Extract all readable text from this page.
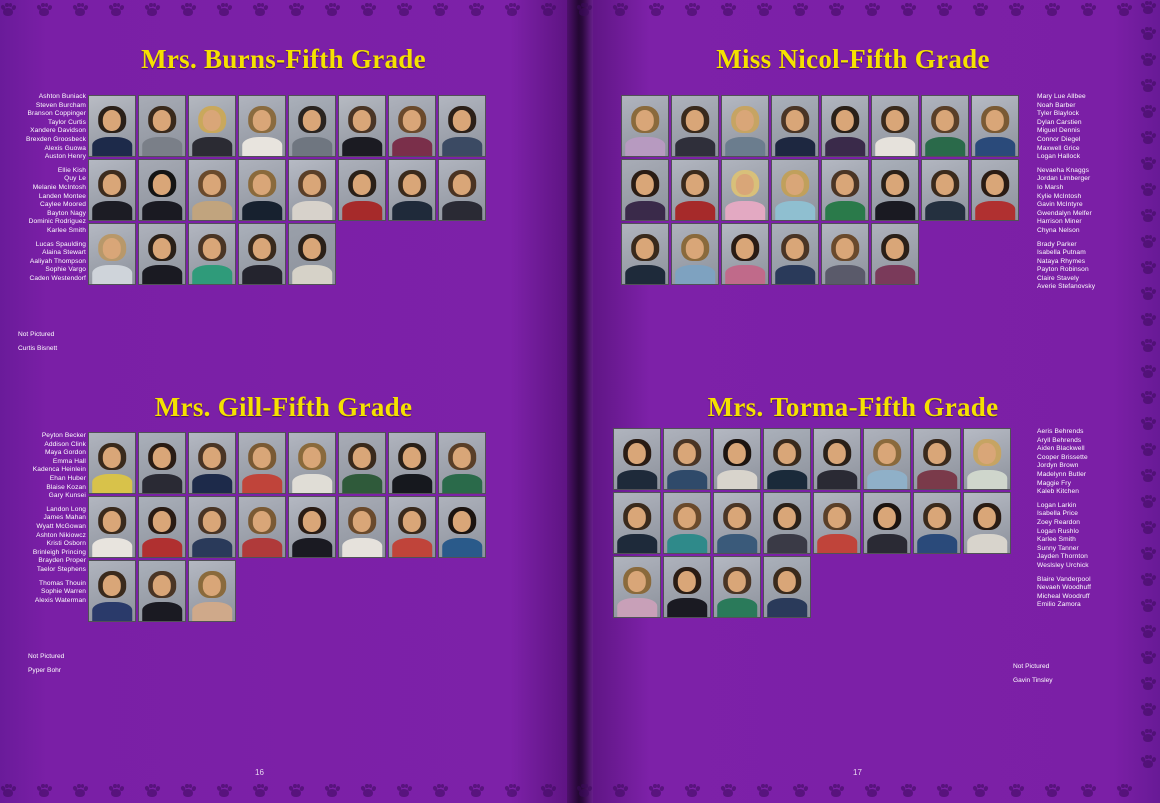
Mrs. Burns-Fifth Grade
Ashton Buniack
Steven Burcham
Branson Coppinger
Taylor Curtis
Xandere Davidson
Brexden Groosbeck
Alexis Guowa
Auston Henry
Ellie Kish
Quy Le
Melanie McIntosh
Landen Montee
Caylee Moored
Bayton Nagy
Dominic Rodriguez
Karlee Smith
Lucas Spaulding
Alaina Stewart
Aaliyah Thompson
Sophie Vargo
Caden Westendorf
Not Pictured
Curtis Bisnett
Miss Nicol-Fifth Grade
Mary Lue Allbee
Noah Barber
Tyler Blaylock
Dylan Carstien
Miguel Dennis
Connor Diegel
Maxwell Grice
Logan Hallock
Nevaeha Knaggs
Jordan Limberger
Io Marsh
Kylie McIntosh
Gavin McIntyre
Gwendalyn Melfer
Harrison Miner
Chyna Nelson
Brady Parker
Isabella Putnam
Nataya Rhymes
Payton Robinson
Claire Stavely
Averie Stefanovsky
Mrs. Gill-Fifth Grade
Peyton Becker
Addison Clink
Maya Gordon
Emma Hall
Kadenca Heinlein
Ehan Huber
Blaise Kozan
Gary Kunsei
Landon Long
James Mahan
Wyatt McGowan
Ashton Nikiowcz
Kristi Osborn
Brinleigh Princing
Brayden Proper
Taelor Stephens
Thomas Thouin
Sophie Warren
Alexis Waterman
Not Pictured
Pyper Bohr
Mrs. Torma-Fifth Grade
Aeris Behrends
Aryll Behrends
Aiden Blackwell
Cooper Brissette
Jordyn Brown
Madelynn Butler
Maggie Fry
Kaleb Kitchen
Logan Larkin
Isabella Price
Zoey Reardon
Logan Rushlo
Karlee Smith
Sunny Tanner
Jayden Thornton
Weslsley Urchick
Blaire Vanderpool
Nevaeh Woodhuff
Micheal Woodruff
Emilio Zamora
Not Pictured
Gavin Tinsley
16	17
